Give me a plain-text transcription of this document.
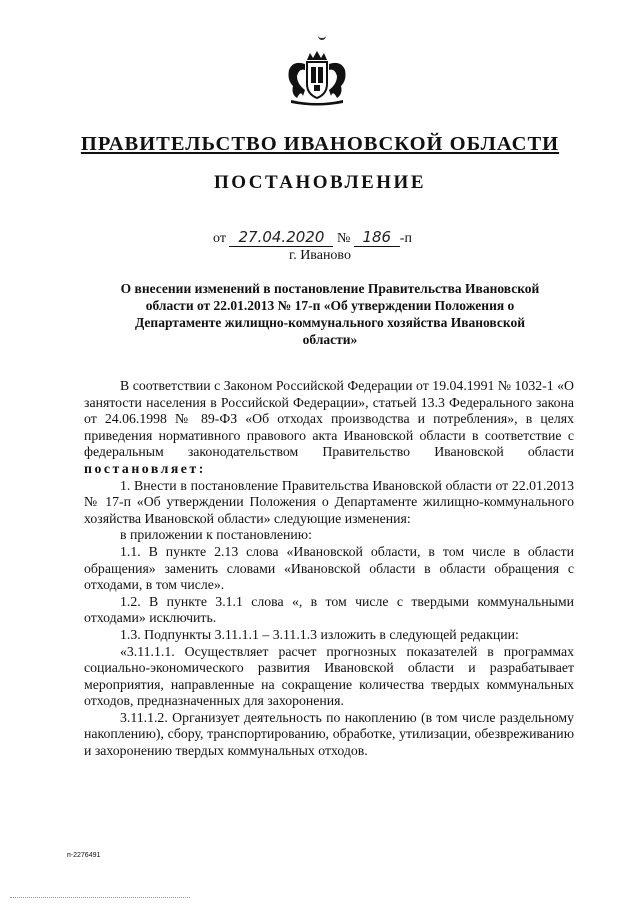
ПРАВИТЕЛЬСТВО ИВАНОВСКОЙ ОБЛАСТИ
ПОСТАНОВЛЕНИЕ
от 27.04.2020 № 186 -п
г. Иваново
О внесении изменений в постановление Правительства Ивановской области от 22.01.2013 № 17-п «Об утверждении Положения о Департаменте жилищно-коммунального хозяйства Ивановской области»

В соответствии с Законом Российской Федерации от 19.04.1991 № 1032-1 «О занятости населения в Российской Федерации», статьей 13.3 Федерального закона от 24.06.1998 № 89-ФЗ «Об отходах производства и потребления», в целях приведения нормативного правового акта Ивановской области в соответствие с федеральным законодательством Правительство Ивановской области постановляет:

1. Внести в постановление Правительства Ивановской области от 22.01.2013 № 17-п «Об утверждении Положения о Департаменте жилищно-коммунального хозяйства Ивановской области» следующие изменения:

в приложении к постановлению:

1.1. В пункте 2.13 слова «Ивановской области, в том числе в области обращения» заменить словами «Ивановской области в области обращения с отходами, в том числе».

1.2. В пункте 3.1.1 слова «, в том числе с твердыми коммунальными отходами» исключить.

1.3. Подпункты 3.11.1.1 – 3.11.1.3 изложить в следующей редакции:

«3.11.1.1. Осуществляет расчет прогнозных показателей в программах социально-экономического развития Ивановской области и разрабатывает мероприятия, направленные на сокращение количества твердых коммунальных отходов, предназначенных для захоронения.

3.11.1.2. Организует деятельность по накоплению (в том числе раздельному накоплению), сбору, транспортированию, обработке, утилизации, обезвреживанию и захоронению твердых коммунальных отходов.

п-2276491
